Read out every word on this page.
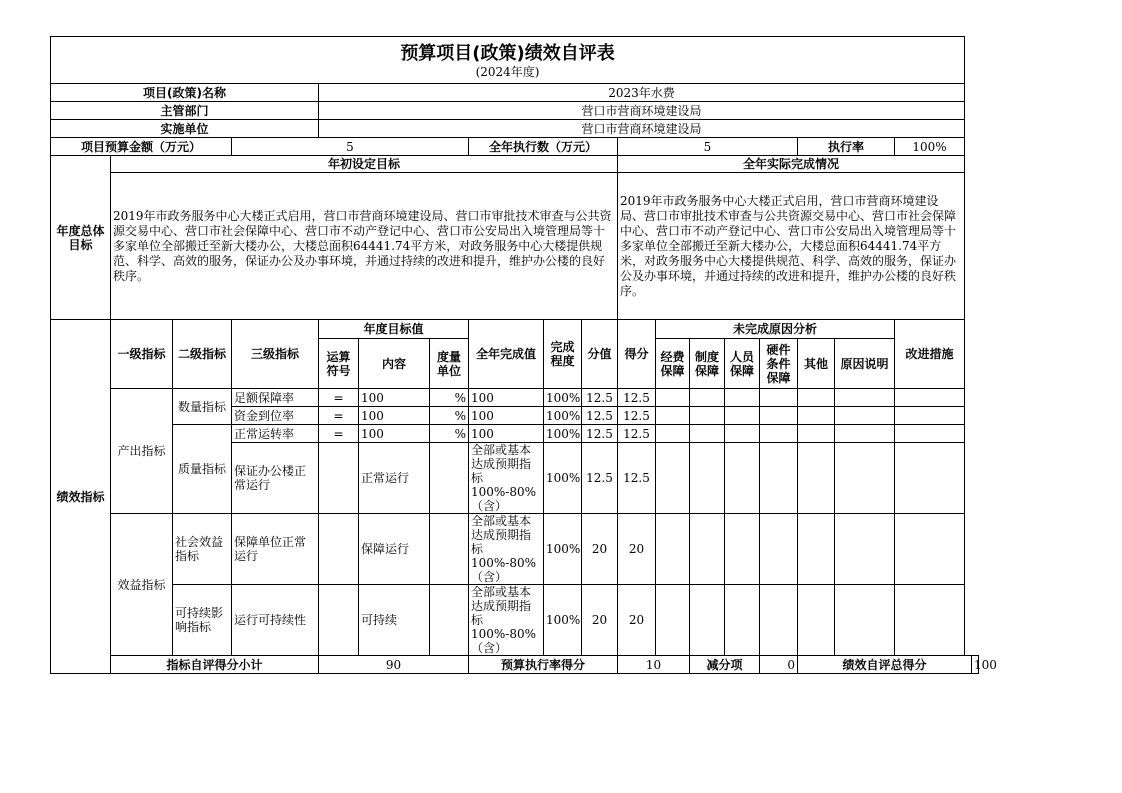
预算项目(政策)绩效自评表																		
(2024年度)																		
项目(政策)名称				2023年水费														
主管部门				营口市营商环境建设局														
实施单位				营口市营商环境建设局														
项目预算金额（万元）			5				全年执行数（万元）			5					执行率		100%	
年度总体目标	年初设定目标									全年实际完成情况								
	2019年市政务服务中心大楼正式启用，营口市营商环境建设局、营口市审批技术审查与公共资源交易中心、营口市社会保障中心、营口市不动产登记中心、营口市公安局出入境管理局等十多家单位全部搬迁至新大楼办公，大楼总面积64441.74平方米，对政务服务中心大楼提供规范、科学、高效的服务，保证办公及办事环境，并通过持续的改进和提升，维护办公楼的良好秩序。									2019年市政务服务中心大楼正式启用，营口市营商环境建设局、营口市审批技术审查与公共资源交易中心、营口市社会保障中心、营口市不动产登记中心、营口市公安局出入境管理局等十多家单位全部搬迁至新大楼办公，大楼总面积64441.74平方米，对政务服务中心大楼提供规范、科学、高效的服务，保证办公及办事环境，并通过持续的改进和提升，维护办公楼的良好秩序。								
绩效指标	一级指标	二级指标	三级指标	年度目标值			全年完成值	完成程度	分值	得分	未完成原因分析						改进措施	
				运算符号	内容	度量单位					经费保障	制度保障	人员保障	硬件条件保障	其他	原因说明		
	产出指标	数量指标	足额保障率	=	100	%	100	100%	12.5	12.5								
			资金到位率	=	100	%	100	100%	12.5	12.5								
		质量指标	正常运转率	=	100	%	100	100%	12.5	12.5								
			保证办公楼正常运行		正常运行		全部或基本达成预期指标100%-80%（含）	100%	12.5	12.5								
	效益指标	社会效益指标	保障单位正常运行		保障运行		全部或基本达成预期指标100%-80%（含）	100%	20	20								
		可持续影响指标	运行可持续性		可持续		全部或基本达成预期指标100%-80%（含）	100%	20	20								
	指标自评得分小计			90			预算执行率得分			10		减分项		0	绩效自评总得分			100
